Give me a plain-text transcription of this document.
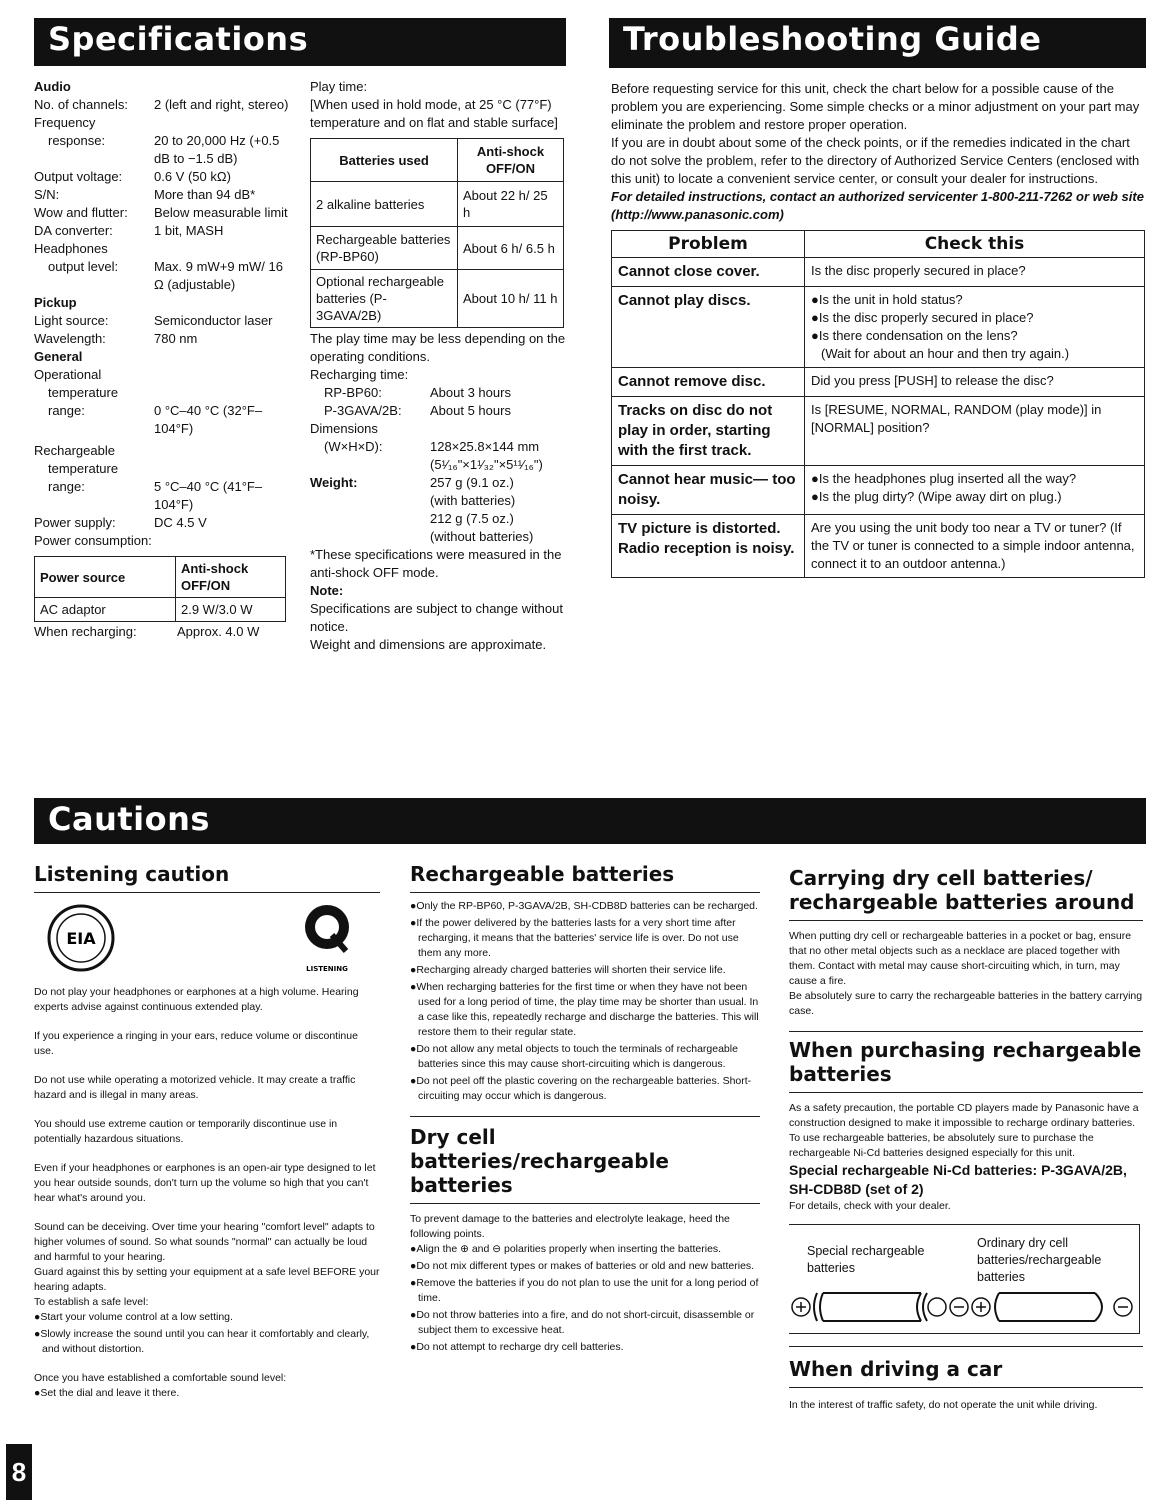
Specifications	Troubleshooting Guide
Cautions
Audio
No. of channels:	2 (left and right, stereo)
Frequency
response:	20 to 20,000 Hz (+0.5 dB to −1.5 dB)
Output voltage:	0.6 V (50 kΩ)
S/N:	More than 94 dB*
Wow and flutter:	Below measurable limit
DA converter:	1 bit, MASH
Headphones
output level:	Max. 9 mW+9 mW/ 16 Ω (adjustable)
Pickup
Light source:	Semiconductor laser
Wavelength:	780 nm
General
Operational
temperature
range:	0 °C–40 °C (32°F–104°F)
Rechargeable
temperature
range:	5 °C–40 °C (41°F–104°F)
Power supply:	DC 4.5 V
Power consumption:
Power source	Anti-shock OFF/ON
AC adaptor	2.9 W/3.0 W
When recharging:	Approx. 4.0 W
Play time:
[When used in hold mode, at 25 °C (77°F) temperature and on flat and stable surface]
Batteries used	Anti-shock OFF/ON
2 alkaline batteries	About 22 h/ 25 h
Rechargeable batteries (RP-BP60)	About 6 h/ 6.5 h
Optional rechargeable batteries (P-3GAVA/2B)	About 10 h/ 11 h
The play time may be less depending on the operating conditions.
Recharging time:
RP-BP60:	About 3 hours
P-3GAVA/2B:	About 5 hours
Dimensions
(W×H×D):	128×25.8×144 mm
(5¹⁄₁₆"×1¹⁄₃₂"×5¹¹⁄₁₆")
Weight:	257 g (9.1 oz.)
(with batteries)
212 g (7.5 oz.)
(without batteries)
*These specifications were measured in the anti-shock OFF mode.
Note:
Specifications are subject to change without notice.
Weight and dimensions are approximate.
Before requesting service for this unit, check the chart below for a possible cause of the problem you are experiencing. Some simple checks or a minor adjustment on your part may eliminate the problem and restore proper operation.
If you are in doubt about some of the check points, or if the remedies indicated in the chart do not solve the problem, refer to the directory of Authorized Service Centers (enclosed with this unit) to locate a convenient service center, or consult your dealer for instructions.
For detailed instructions, contact an authorized servicenter 1-800-211-7262 or web site (http://www.panasonic.com)
Problem	Check this
Cannot close cover.	Is the disc properly secured in place?

Cannot play discs.	●Is the unit in hold status?
●Is the disc properly secured in place?
●Is there condensation on the lens?
(Wait for about an hour and then try again.)

Cannot remove disc.	Did you press [PUSH] to release the disc?

Tracks on disc do not play in order, starting with the first track.	Is [RESUME, NORMAL, RANDOM (play mode)] in [NORMAL] position?

Cannot hear music— too noisy.	●Is the headphones plug inserted all the way?
●Is the plug dirty? (Wipe away dirt on plug.)

TV picture is distorted. Radio reception is noisy.	Are you using the unit body too near a TV or tuner? (If the TV or tuner is connected to a simple indoor antenna, connect it to an outdoor antenna.)
Listening caution
EIA
LISTENING

Do not play your headphones or earphones at a high volume. Hearing experts advise against continuous extended play.

If you experience a ringing in your ears, reduce volume or discontinue use.

Do not use while operating a motorized vehicle. It may create a traffic hazard and is illegal in many areas.

You should use extreme caution or temporarily discontinue use in potentially hazardous situations.

Even if your headphones or earphones is an open-air type designed to let you hear outside sounds, don't turn up the volume so high that you can't hear what's around you.

Sound can be deceiving. Over time your hearing "comfort level" adapts to higher volumes of sound. So what sounds "normal" can actually be loud and harmful to your hearing.

Guard against this by setting your equipment at a safe level BEFORE your hearing adapts.

To establish a safe level:

●Start your volume control at a low setting.
●Slowly increase the sound until you can hear it comfortably and clearly, and without distortion.

Once you have established a comfortable sound level:

●Set the dial and leave it there.
Rechargeable batteries
●Only the RP-BP60, P-3GAVA/2B, SH-CDB8D batteries can be recharged.
●If the power delivered by the batteries lasts for a very short time after recharging, it means that the batteries' service life is over. Do not use them any more.
●Recharging already charged batteries will shorten their service life.
●When recharging batteries for the first time or when they have not been used for a long period of time, the play time may be shorter than usual. In a case like this, repeatedly recharge and discharge the batteries. This will restore them to their regular state.
●Do not allow any metal objects to touch the terminals of rechargeable batteries since this may cause short-circuiting which is dangerous.
●Do not peel off the plastic covering on the rechargeable batteries. Short-circuiting may occur which is dangerous.
Dry cell batteries/rechargeable batteries

To prevent damage to the batteries and electrolyte leakage, heed the following points.

●Align the ⊕ and ⊖ polarities properly when inserting the batteries.
●Do not mix different types or makes of batteries or old and new batteries.
●Remove the batteries if you do not plan to use the unit for a long period of time.
●Do not throw batteries into a fire, and do not short-circuit, disassemble or subject them to excessive heat.
●Do not attempt to recharge dry cell batteries.
Carrying dry cell batteries/ rechargeable batteries around

When putting dry cell or rechargeable batteries in a pocket or bag, ensure that no other metal objects such as a necklace are placed together with them. Contact with metal may cause short-circuiting which, in turn, may cause a fire.

Be absolutely sure to carry the rechargeable batteries in the battery carrying case.

When purchasing rechargeable batteries

As a safety precaution, the portable CD players made by Panasonic have a construction designed to make it impossible to recharge ordinary batteries.

To use rechargeable batteries, be absolutely sure to purchase the rechargeable Ni-Cd batteries designed especially for this unit.

Special rechargeable Ni-Cd batteries: P-3GAVA/2B, SH-CDB8D (set of 2)

For details, check with your dealer.

Special rechargeable batteries
Ordinary dry cell batteries/rechargeable batteries
When driving a car

In the interest of traffic safety, do not operate the unit while driving.

8
